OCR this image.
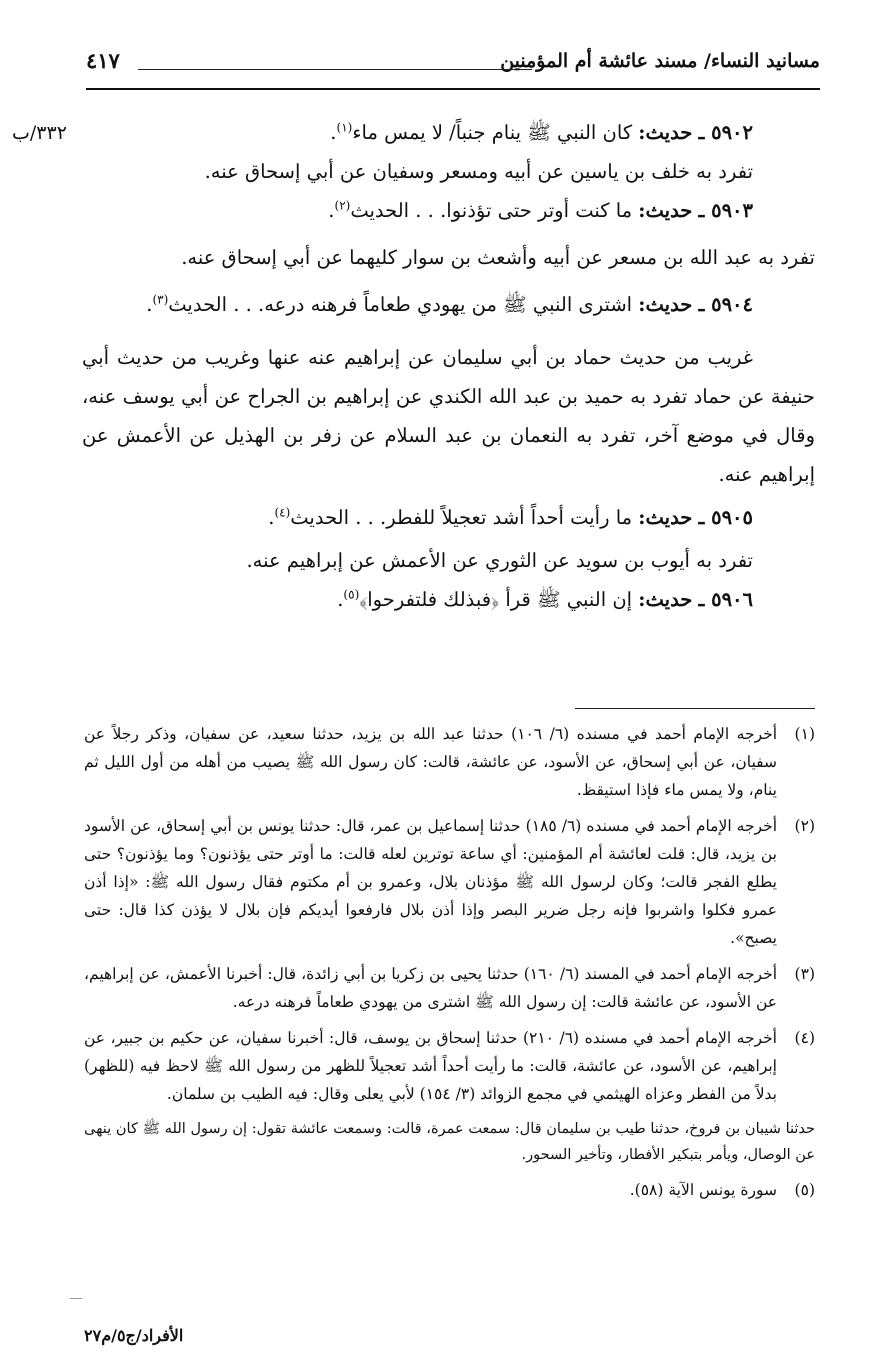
مسانيد النساء/ مسند عائشة أم المؤمنين
٤١٧
٣٣٢/ب	٥٩٠٢ ـ حديث: كان النبي ﷺ ينام جنباً/ لا يمس ماء$^{(١)}$.

تفرد به خلف بن ياسين عن أبيه ومسعر وسفيان عن أبي إسحاق عنه.

٥٩٠٣ ـ حديث: ما كنت أوتر حتى تؤذنوا. . . الحديث$^{(٢)}$.

تفرد به عبد الله بن مسعر عن أبيه وأشعث بن سوار كليهما عن أبي إسحاق عنه.

٥٩٠٤ ـ حديث: اشترى النبي ﷺ من يهودي طعاماً فرهنه درعه. . . الحديث$^{(٣)}$.

غريب من حديث حماد بن أبي سليمان عن إبراهيم عنه عنها وغريب من حديث أبي حنيفة عن حماد تفرد به حميد بن عبد الله الكندي عن إبراهيم بن الجراح عن أبي يوسف عنه، وقال في موضع آخر، تفرد به النعمان بن عبد السلام عن زفر بن الهذيل عن الأعمش عن إبراهيم عنه.

٥٩٠٥ ـ حديث: ما رأيت أحداً أشد تعجيلاً للفطر. . . الحديث$^{(٤)}$.

تفرد به أيوب بن سويد عن الثوري عن الأعمش عن إبراهيم عنه.

٥٩٠٦ ـ حديث: إن النبي ﷺ قرأ ﴿فبذلك فلتفرحوا﴾$^{(٥)}$.

(١)
أخرجه الإمام أحمد في مسنده (٦/ ١٠٦) حدثنا عبد الله بن يزيد، حدثنا سعيد، عن سفيان، وذكر رجلاً عن سفيان، عن أبي إسحاق، عن الأسود، عن عائشة، قالت: كان رسول الله ﷺ يصيب من أهله من أول الليل ثم ينام، ولا يمس ماء فإذا استيقظ.
(٢)
أخرجه الإمام أحمد في مسنده (٦/ ١٨٥) حدثنا إسماعيل بن عمر، قال: حدثنا يونس بن أبي إسحاق، عن الأسود بن يزيد، قال: قلت لعائشة أم المؤمنين: أي ساعة توترين لعله قالت: ما أوتر حتى يؤذنون؟ وما يؤذنون؟ حتى يطلع الفجر قالت؛ وكان لرسول الله ﷺ مؤذنان بلال، وعمرو بن أم مكتوم فقال رسول الله ﷺ: «إذا أذن عمرو فكلوا واشربوا فإنه رجل ضرير البصر وإذا أذن بلال فارفعوا أيديكم فإن بلال لا يؤذن كذا قال: حتى يصبح».
(٣)
أخرجه الإمام أحمد في المسند (٦/ ١٦٠) حدثنا يحيى بن زكريا بن أبي زائدة، قال: أخبرنا الأعمش، عن إبراهيم، عن الأسود، عن عائشة قالت: إن رسول الله ﷺ اشترى من يهودي طعاماً فرهنه درعه.
(٤)
أخرجه الإمام أحمد في مسنده (٦/ ٢١٠) حدثنا إسحاق بن يوسف، قال: أخبرنا سفيان، عن حكيم بن جبير، عن إبراهيم، عن الأسود، عن عائشة، قالت: ما رأيت أحداً أشد تعجيلاً للظهر من رسول الله ﷺ لاحظ فيه (للظهر) بدلاً من الفطر وعزاه الهيثمي في مجمع الزوائد (٣/ ١٥٤) لأبي يعلى وقال: فيه الطيب بن سلمان.
حدثنا شيبان بن فروخ، حدثنا طيب بن سليمان قال: سمعت عمرة، قالت: وسمعت عائشة تقول: إن رسول الله ﷺ كان ينهى عن الوصال، ويأمر بتبكير الأفطار، وتأخير السحور.
(٥)
سورة يونس الآية (٥٨).
الأفراد/ج٥/م٢٧
